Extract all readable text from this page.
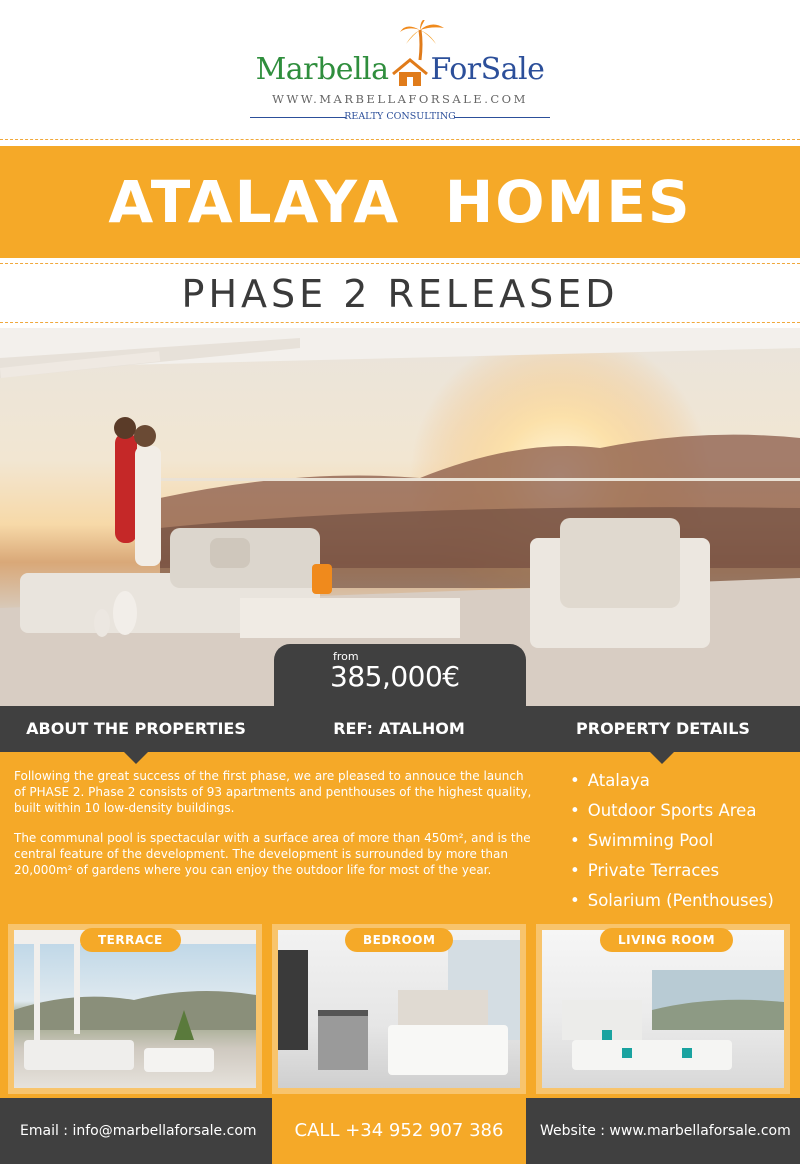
Marbella ForSale
WWW.MARBELLAFORSALE.COM
REALTY CONSULTING
ATALAYA  HOMES
PHASE 2 RELEASED
from
385,000€
ABOUT THE PROPERTIES	REF: ATALHOM	PROPERTY DETAILS

Following the great success of the first phase, we are pleased to annouce the launch of PHASE 2. Phase 2 consists of 93 apartments and penthouses of the highest quality, built within 10 low-density buildings.

The communal pool is spectacular with a surface area of more than 450m², and is the central feature of the development. The development is surrounded by more than 20,000m² of gardens where you can enjoy the outdoor life for most of the year.

• Atalaya
• Outdoor Sports Area
• Swimming Pool
• Private Terraces
• Solarium (Penthouses)
TERRACE	BEDROOM	LIVING ROOM
Email : info@marbellaforsale.com	CALL +34 952 907 386	Website : www.marbellaforsale.com
